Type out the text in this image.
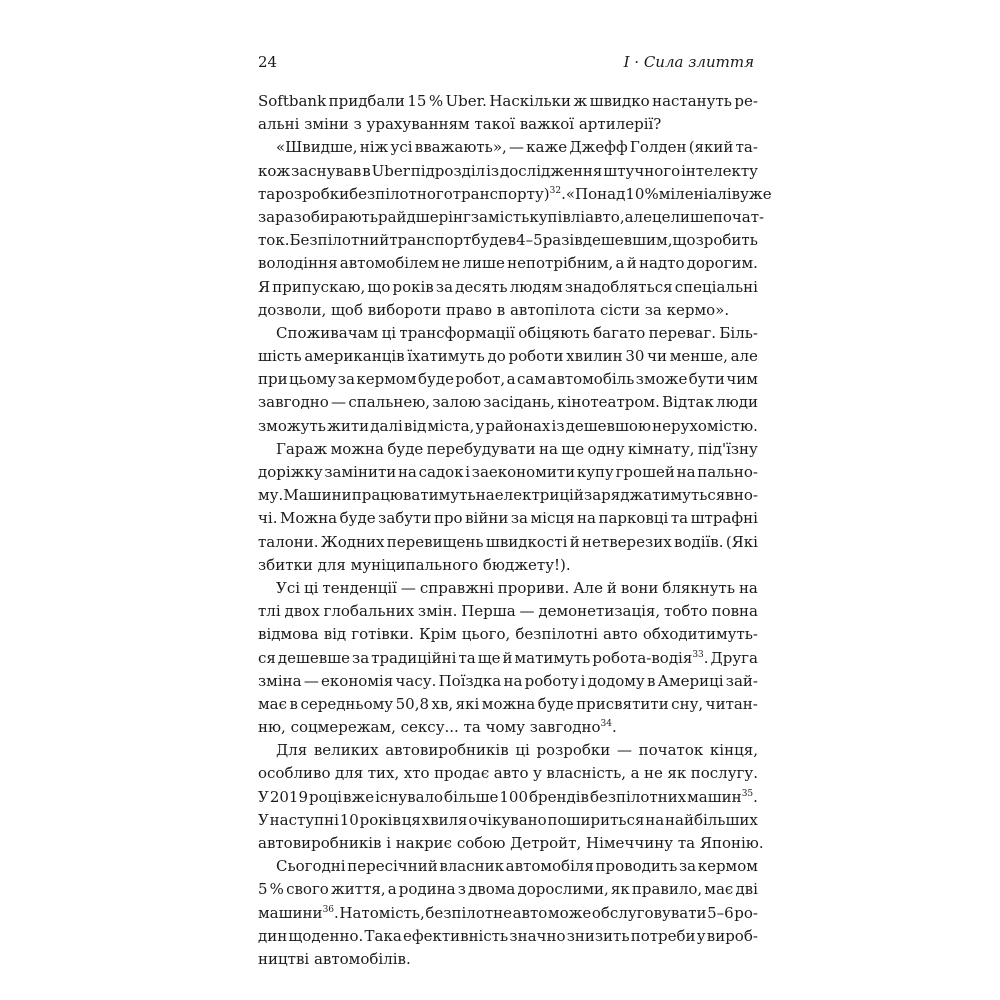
24	I · Сила злиття
Softbank придбали 15 % Uber. Наскільки ж швидко настануть ре-
альні зміни з урахуванням такої важкої артилерії?
«Швидше, ніж усі вважають», — каже Джефф Голден (який та-
кож заснував в Uber підрозділ із дослідження штучного інтелекту
та розробки безпілотного транспорту)$^{32}$. «Понад 10 % міленіалів уже
зараз обирають райдшерінг замість купівлі авто, але це лише почат-
ток. Безпілотний транспорт буде в 4–5 разів дешевшим, що зробить
володіння автомобілем не лише непотрібним, а й надто дорогим.
Я припускаю, що років за десять людям знадобляться спеціальні
дозволи, щоб вибороти право в автопілота сісти за кермо».
Споживачам ці трансформації обіцяють багато переваг. Біль-
шість американців їхатимуть до роботи хвилин 30 чи менше, але
при цьому за кермом буде робот, а сам автомобіль зможе бути чим
завгодно — спальнею, залою засідань, кінотеатром. Відтак люди
зможуть жити далі від міста, у районах із дешевшою нерухомістю.
Гараж можна буде перебудувати на ще одну кімнату, під'їзну
доріжку замінити на садок і заекономити купу грошей на пально-
му. Машини працюватимуть на електриці й заряджатимуться вно-
чі. Можна буде забути про війни за місця на парковці та штрафні
талони. Жодних перевищень швидкості й нетверезих водіїв. (Які
збитки для муніципального бюджету!).
Усі ці тенденції — справжні прориви. Але й вони блякнуть на
тлі двох глобальних змін. Перша — демонетизація, тобто повна
відмова від готівки. Крім цього, безпілотні авто обходитимуть-
ся дешевше за традиційні та ще й матимуть робота-водія$^{33}$. Друга
зміна — економія часу. Поїздка на роботу і додому в Америці зай-
має в середньому 50,8 хв, які можна буде присвятити сну, читан-
ню, соцмережам, сексу... та чому завгодно$^{34}$.
Для великих автовиробників ці розробки — початок кінця,
особливо для тих, хто продає авто у власність, а не як послугу.
У 2019 році вже існувало більше 100 брендів безпілотних машин$^{35}$.
У наступні 10 років ця хвиля очікувано пошириться на найбільших
автовиробників і накриє собою Детройт, Німеччину та Японію.
Сьогодні пересічний власник автомобіля проводить за кермом
5 % свого життя, а родина з двома дорослими, як правило, має дві
машини$^{36}$. Натомість, безпілотне авто може обслуговувати 5–6 ро-
дин щоденно. Така ефективність значно знизить потреби у вироб-
ництві автомобілів.
